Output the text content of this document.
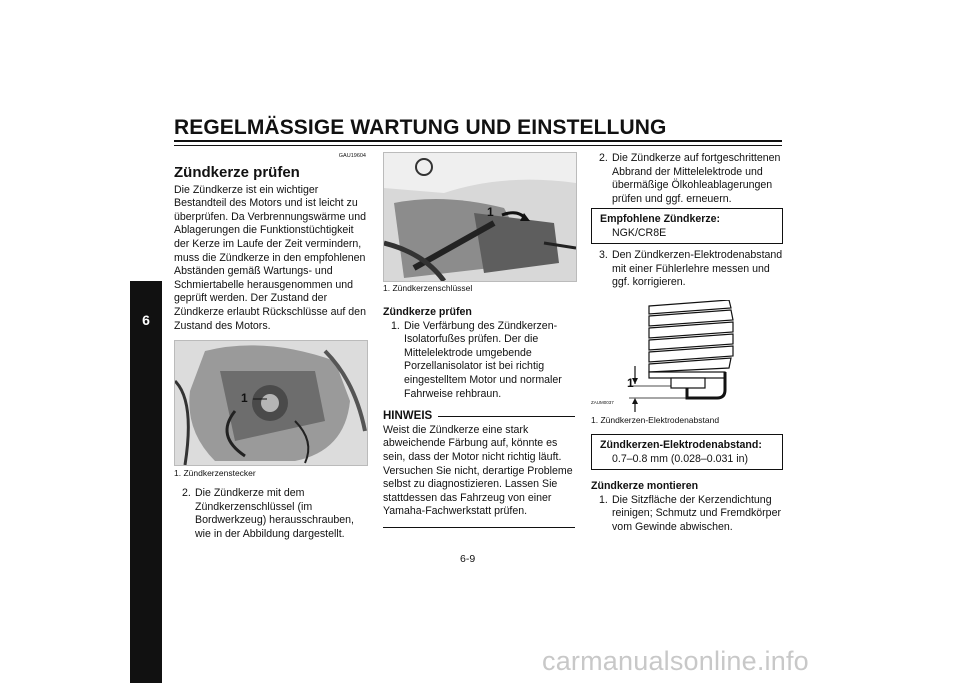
REGELMÄSSIGE WARTUNG UND EINSTELLUNG
6
GAU19604
Zündkerze prüfen

Die Zündkerze ist ein wichtiger Bestandteil des Motors und ist leicht zu überprüfen. Da Verbrennungswärme und Ablagerungen die Funktionstüchtigkeit der Kerze im Laufe der Zeit vermindern, muss die Zündkerze in den empfohlenen Abständen gemäß Wartungs- und Schmiertabelle herausgenommen und geprüft werden. Der Zustand der Zündkerze erlaubt Rückschlüsse auf den Zustand des Motors.

1
1. Zündkerzenstecker
2. Die Zündkerze mit dem Zündkerzenschlüssel (im Bordwerkzeug) herausschrauben, wie in der Abbildung dargestellt.
1
1. Zündkerzenschlüssel

Zündkerze prüfen

1. Die Verfärbung des Zündkerzen-Isolatorfußes prüfen. Der die Mittelelektrode umgebende Porzellanisolator ist bei richtig eingestelltem Motor und normaler Fahrweise rehbraun.
HINWEIS

Weist die Zündkerze eine stark abweichende Färbung auf, könnte es sein, dass der Motor nicht richtig läuft. Versuchen Sie nicht, derartige Probleme selbst zu diagnostizieren. Lassen Sie stattdessen das Fahrzeug von einer Yamaha-Fachwerkstatt prüfen.

2. Die Zündkerze auf fortgeschrittenen Abbrand der Mittelelektrode und übermäßige Ölkohleablagerungen prüfen und ggf. erneuern.
Empfohlene Zündkerze:
NGK/CR8E
3. Den Zündkerzen-Elektrodenabstand mit einer Fühlerlehre messen und ggf. korrigieren.
1
ZAUM0037
1. Zündkerzen-Elektrodenabstand
Zündkerzen-Elektrodenabstand:
0.7–0.8 mm (0.028–0.031 in)

Zündkerze montieren

1. Die Sitzfläche der Kerzendichtung reinigen; Schmutz und Fremdkörper vom Gewinde abwischen.
6-9
carmanualsonline.info
